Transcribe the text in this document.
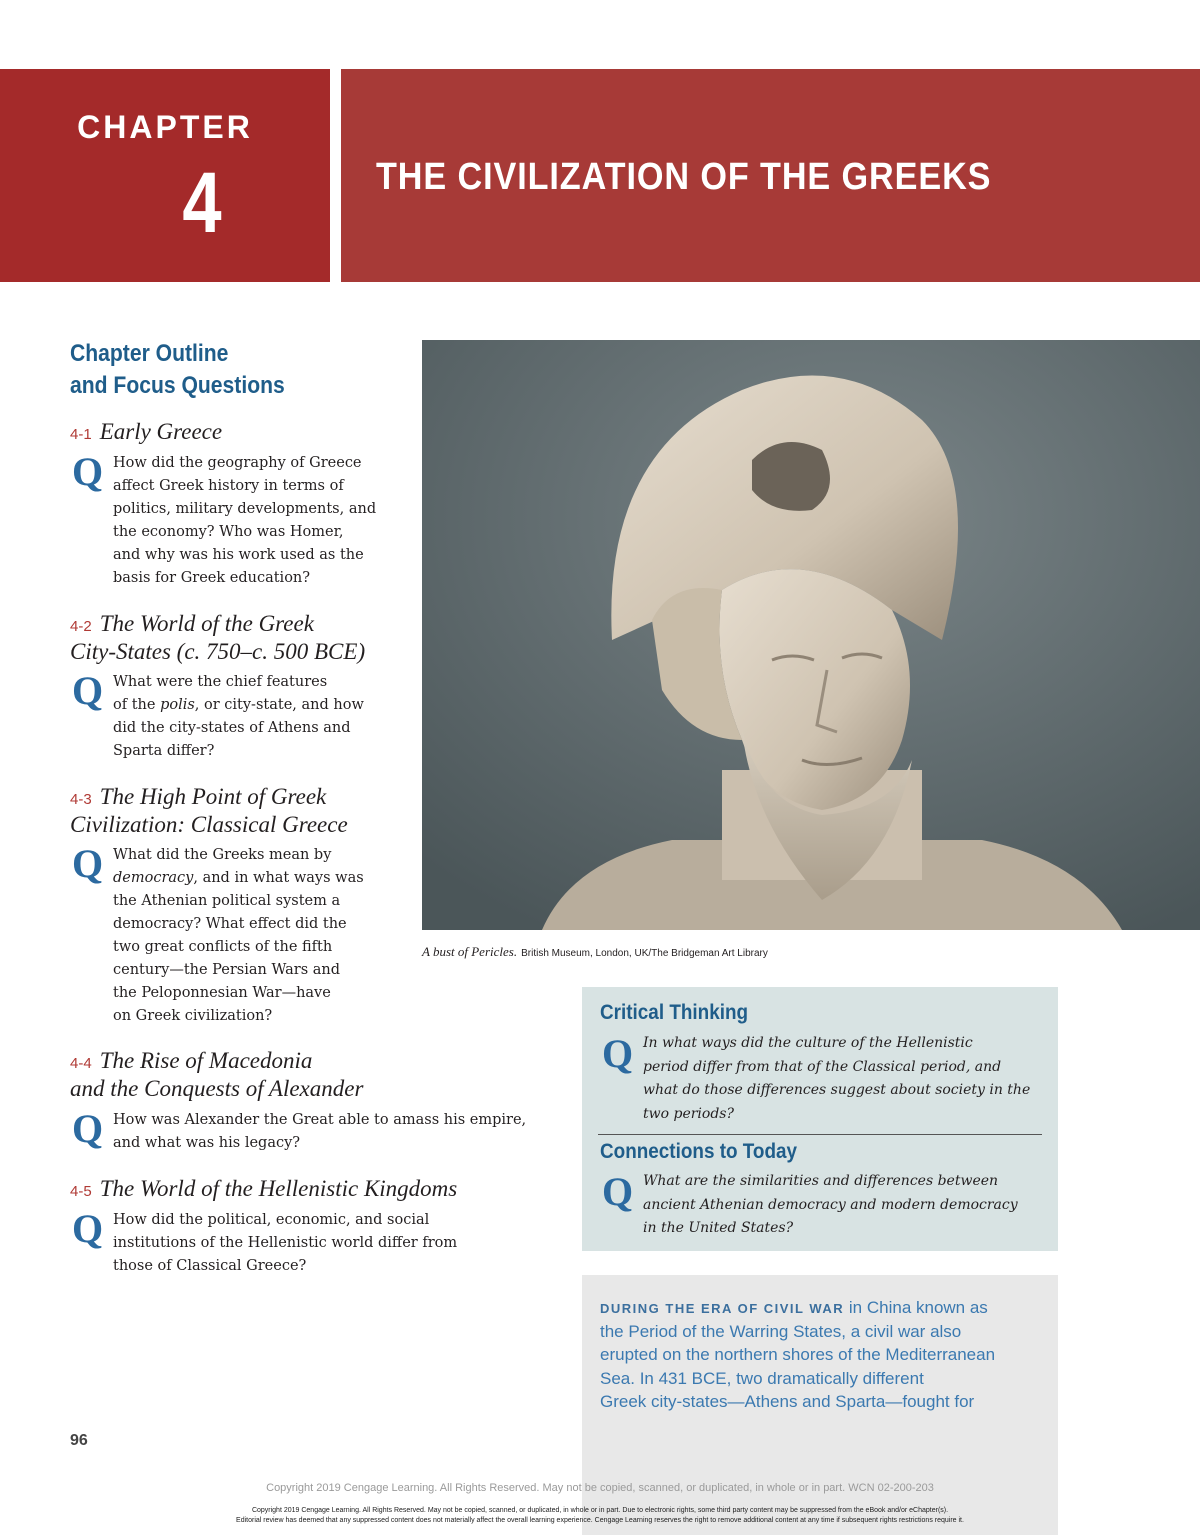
CHAPTER
4	THE CIVILIZATION OF THE GREEKS
Chapter Outline
and Focus Questions
4-1 Early Greece
Q How did the geography of Greece
affect Greek history in terms of
politics, military developments, and
the economy? Who was Homer,
and why was his work used as the
basis for Greek education?
4-2 The World of the Greek
City-States (c. 750–c. 500 BCE)
Q What were the chief features
of the polis, or city-state, and how
did the city-states of Athens and
Sparta differ?
4-3 The High Point of Greek
Civilization: Classical Greece
Q What did the Greeks mean by
democracy, and in what ways was
the Athenian political system a
democracy? What effect did the
two great conflicts of the fifth
century—the Persian Wars and
the Peloponnesian War—have
on Greek civilization?
4-4 The Rise of Macedonia
and the Conquests of Alexander
Q How was Alexander the Great able to amass his empire,
and what was his legacy?
4-5 The World of the Hellenistic Kingdoms
Q How did the political, economic, and social
institutions of the Hellenistic world differ from
those of Classical Greece?
A bust of Pericles. British Museum, London, UK/The Bridgeman Art Library
Critical Thinking
Q In what ways did the culture of the Hellenistic
period differ from that of the Classical period, and
what do those differences suggest about society in the
two periods?
Connections to Today
Q What are the similarities and differences between
ancient Athenian democracy and modern democracy
in the United States?
DURING THE ERA OF CIVIL WAR in China known as
the Period of the Warring States, a civil war also
erupted on the northern shores of the Mediterranean
Sea. In 431 BCE, two dramatically different
Greek city-states—Athens and Sparta—fought for
96
Copyright 2019 Cengage Learning. All Rights Reserved. May not be copied, scanned, or duplicated, in whole or in part. WCN 02-200-203
Copyright 2019 Cengage Learning. All Rights Reserved. May not be copied, scanned, or duplicated, in whole or in part. Due to electronic rights, some third party content may be suppressed from the eBook and/or eChapter(s).
Editorial review has deemed that any suppressed content does not materially affect the overall learning experience. Cengage Learning reserves the right to remove additional content at any time if subsequent rights restrictions require it.
